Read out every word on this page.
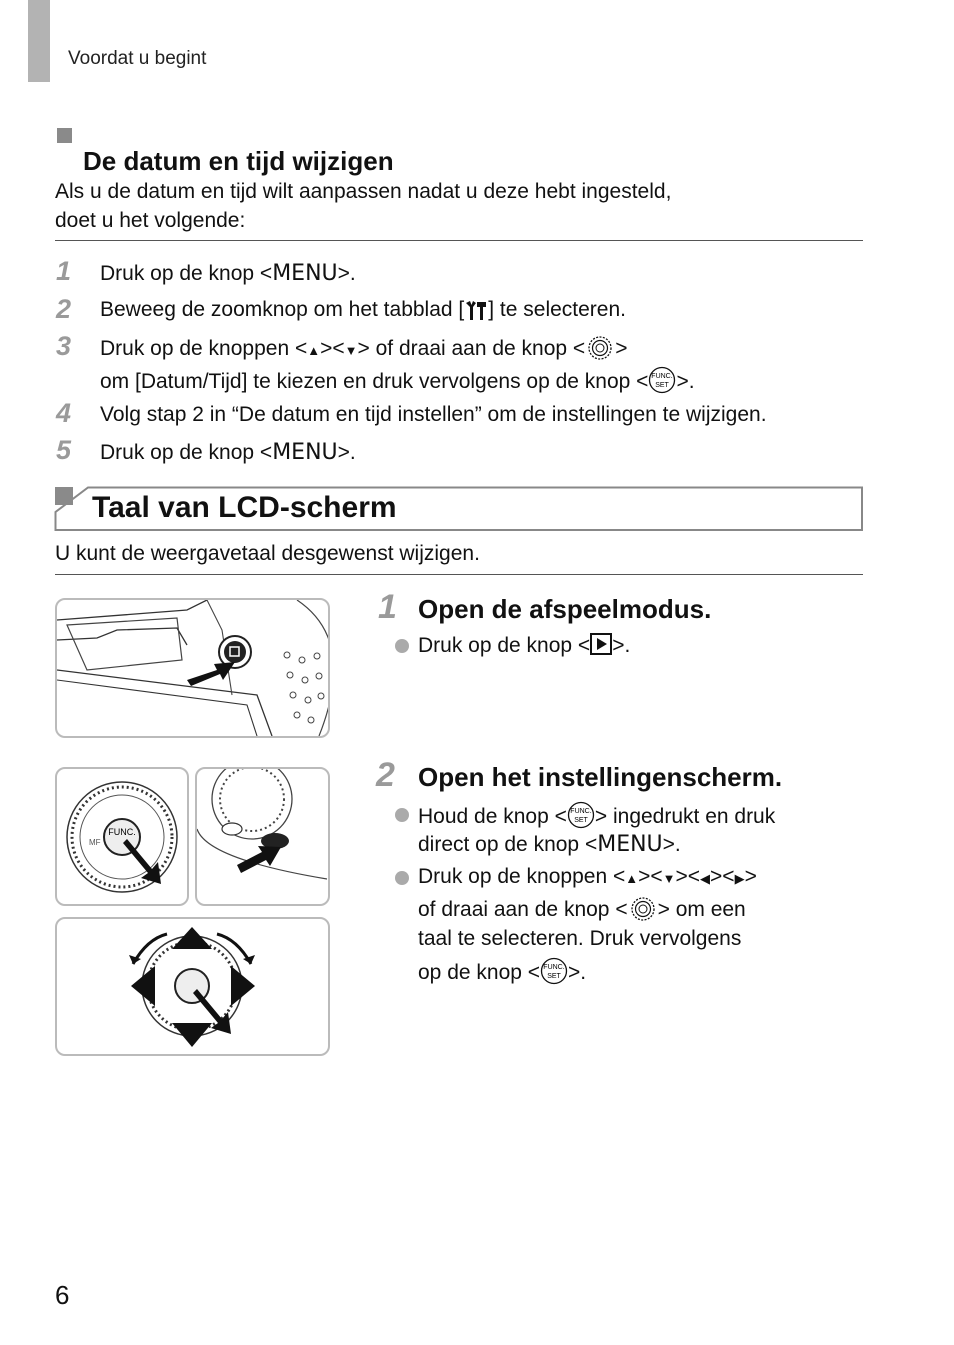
Voordat u begint
De datum en tijd wijzigen
Als u de datum en tijd wilt aanpassen nadat u deze hebt ingesteld,
doet u het volgende:
1 Druk op de knop <MENU>.
2 Beweeg de zoomknop om het tabblad [ ] te selecteren.
3 Druk op de knoppen <▲><▼> of draai aan de knop < >
om [Datum/Tijd] te kiezen en druk vervolgens op de knop < FUNC.
SET >.
4 Volg stap 2 in “De datum en tijd instellen” om de instellingen te wijzigen.
5 Druk op de knop <MENU>.
Taal van LCD-scherm
U kunt de weergavetaal desgewenst wijzigen.
FUNC.
MF
1 Open de afspeelmodus.
Druk op de knop < >.
2 Open het instellingenscherm.
Houd de knop < FUNC.
SET > ingedrukt en druk
direct op de knop <MENU>.
Druk op de knoppen <▲><▼><◀><▶>
of draai aan de knop < > om een
taal te selecteren. Druk vervolgens
op de knop < FUNC.
SET >.
6
